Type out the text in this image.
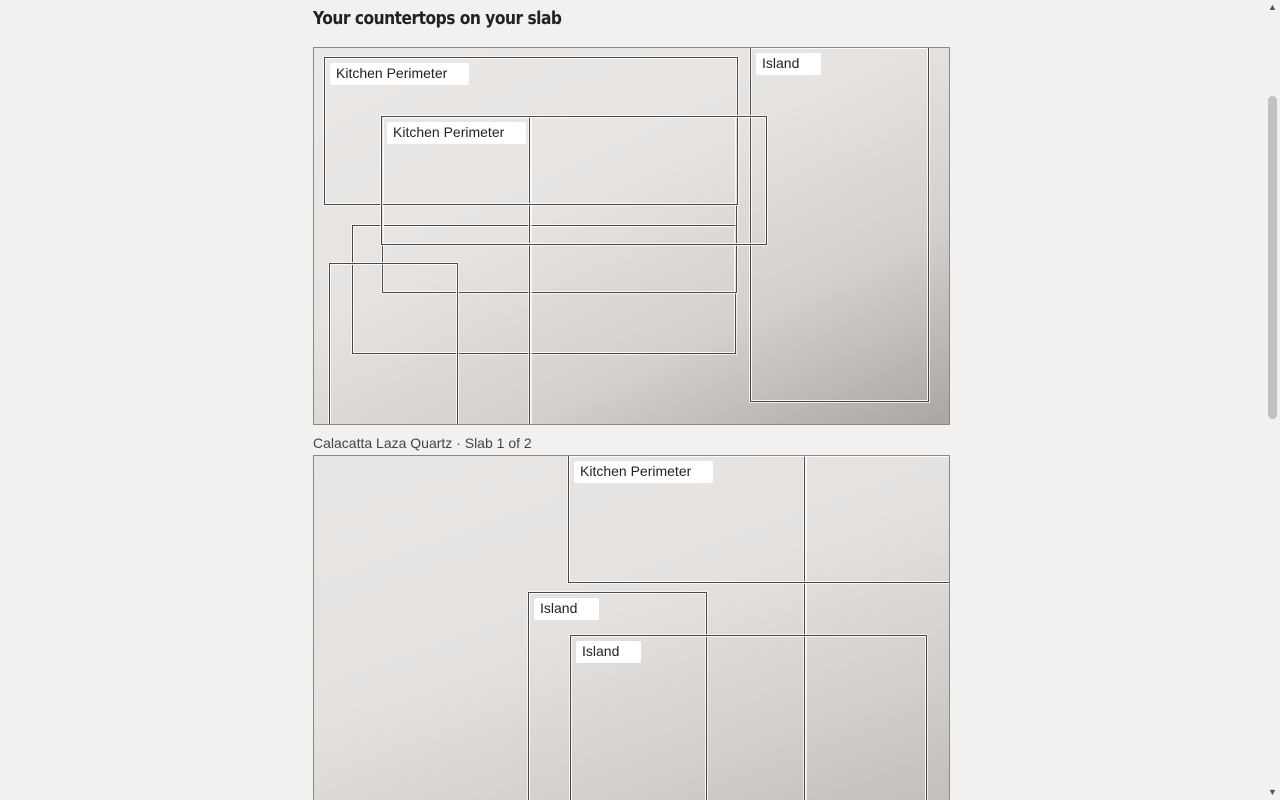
Your countertops on your slab
Kitchen Perimeter
Island
Kitchen Perimeter

Calacatta Laza Quartz · Slab 1 of 2

Kitchen Perimeter
Island
Island
▲
▼
